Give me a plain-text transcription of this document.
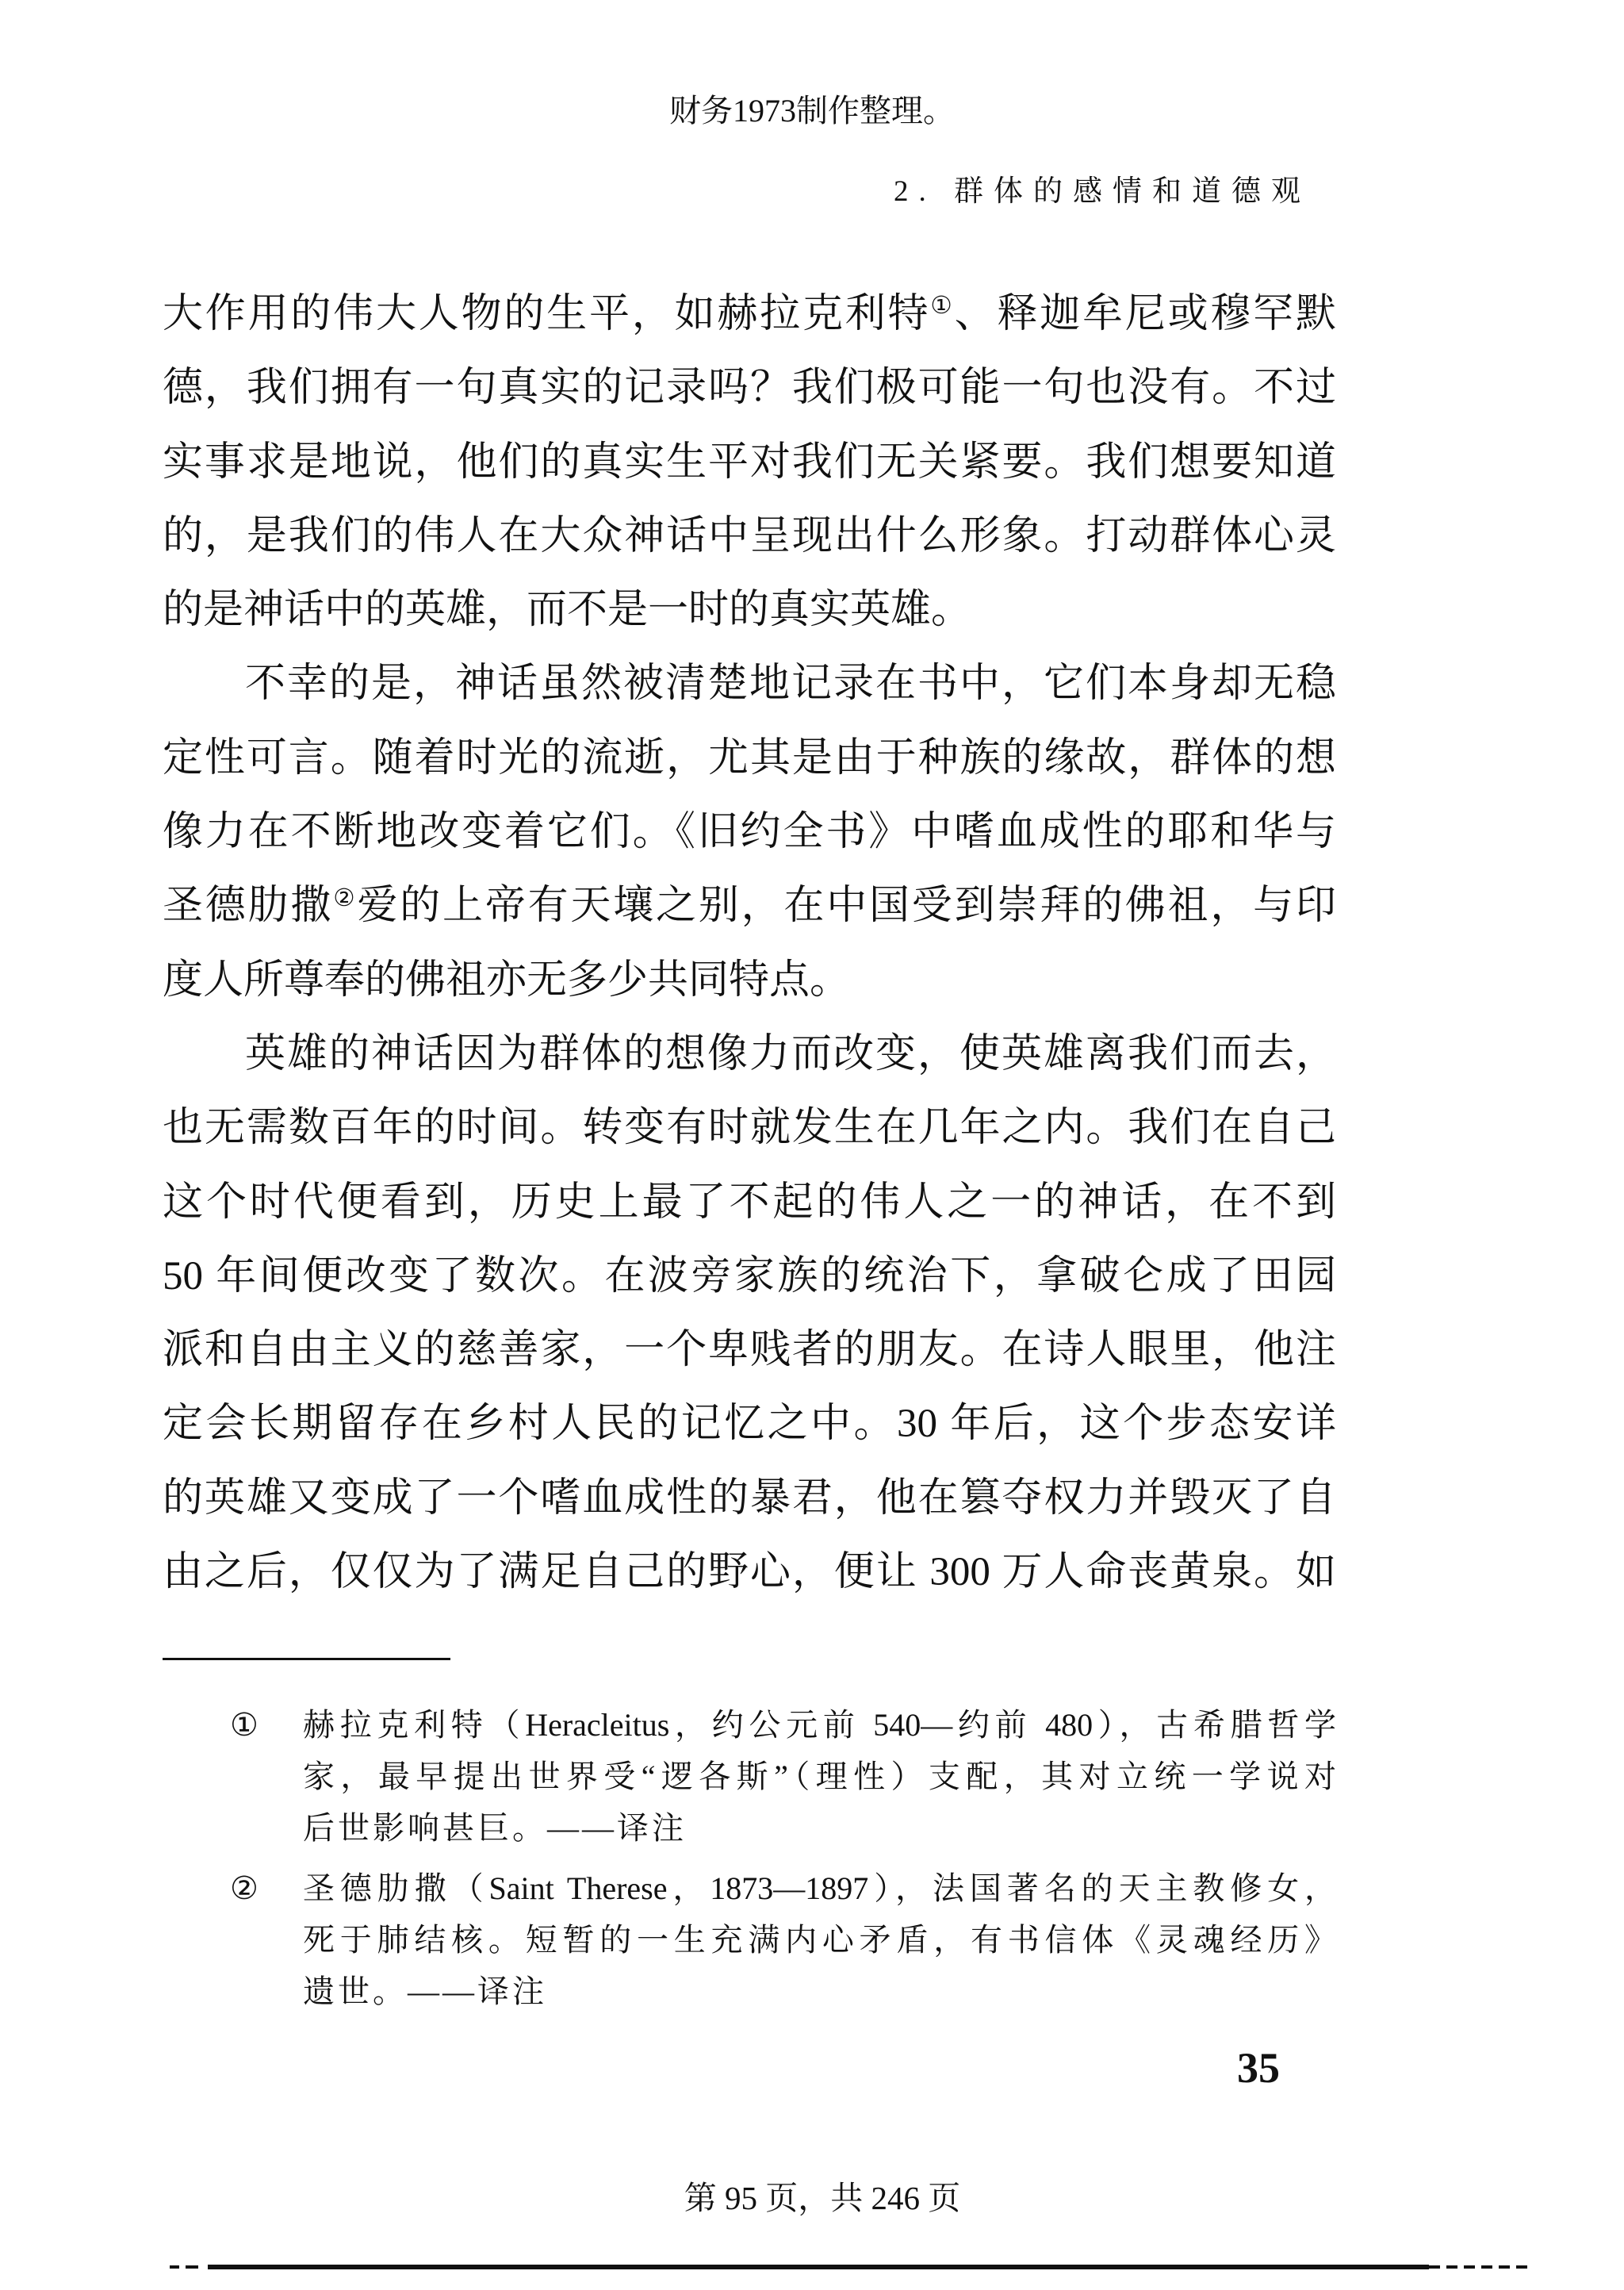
财务1973制作整理。
2. 群体的感情和道德观
大作用的伟大人物的生平，如赫拉克利特①、释迦牟尼或穆罕默
德，我们拥有一句真实的记录吗？我们极可能一句也没有。不过
实事求是地说，他们的真实生平对我们无关紧要。我们想要知道
的，是我们的伟人在大众神话中呈现出什么形象。打动群体心灵
的是神话中的英雄，而不是一时的真实英雄。
不幸的是，神话虽然被清楚地记录在书中，它们本身却无稳
定性可言。随着时光的流逝，尤其是由于种族的缘故，群体的想
像力在不断地改变着它们。《旧约全书》中嗜血成性的耶和华与
圣德肋撒②爱的上帝有天壤之别，在中国受到崇拜的佛祖，与印
度人所尊奉的佛祖亦无多少共同特点。
英雄的神话因为群体的想像力而改变，使英雄离我们而去，
也无需数百年的时间。转变有时就发生在几年之内。我们在自己
这个时代便看到，历史上最了不起的伟人之一的神话，在不到
50 年间便改变了数次。在波旁家族的统治下，拿破仑成了田园
派和自由主义的慈善家，一个卑贱者的朋友。在诗人眼里，他注
定会长期留存在乡村人民的记忆之中。30 年后，这个步态安详
的英雄又变成了一个嗜血成性的暴君，他在篡夺权力并毁灭了自
由之后，仅仅为了满足自己的野心，便让 300 万人命丧黄泉。如
① 赫拉克利特（Heracleitus，约公元前 540—约前 480），古希腊哲学
家，最早提出世界受“逻各斯”（理性）支配，其对立统一学说对
后世影响甚巨。——译注
② 圣德肋撒（Saint Therese，1873—1897），法国著名的天主教修女，
死于肺结核。短暂的一生充满内心矛盾，有书信体《灵魂经历》
遗世。——译注
35
第 95 页，共 246 页
